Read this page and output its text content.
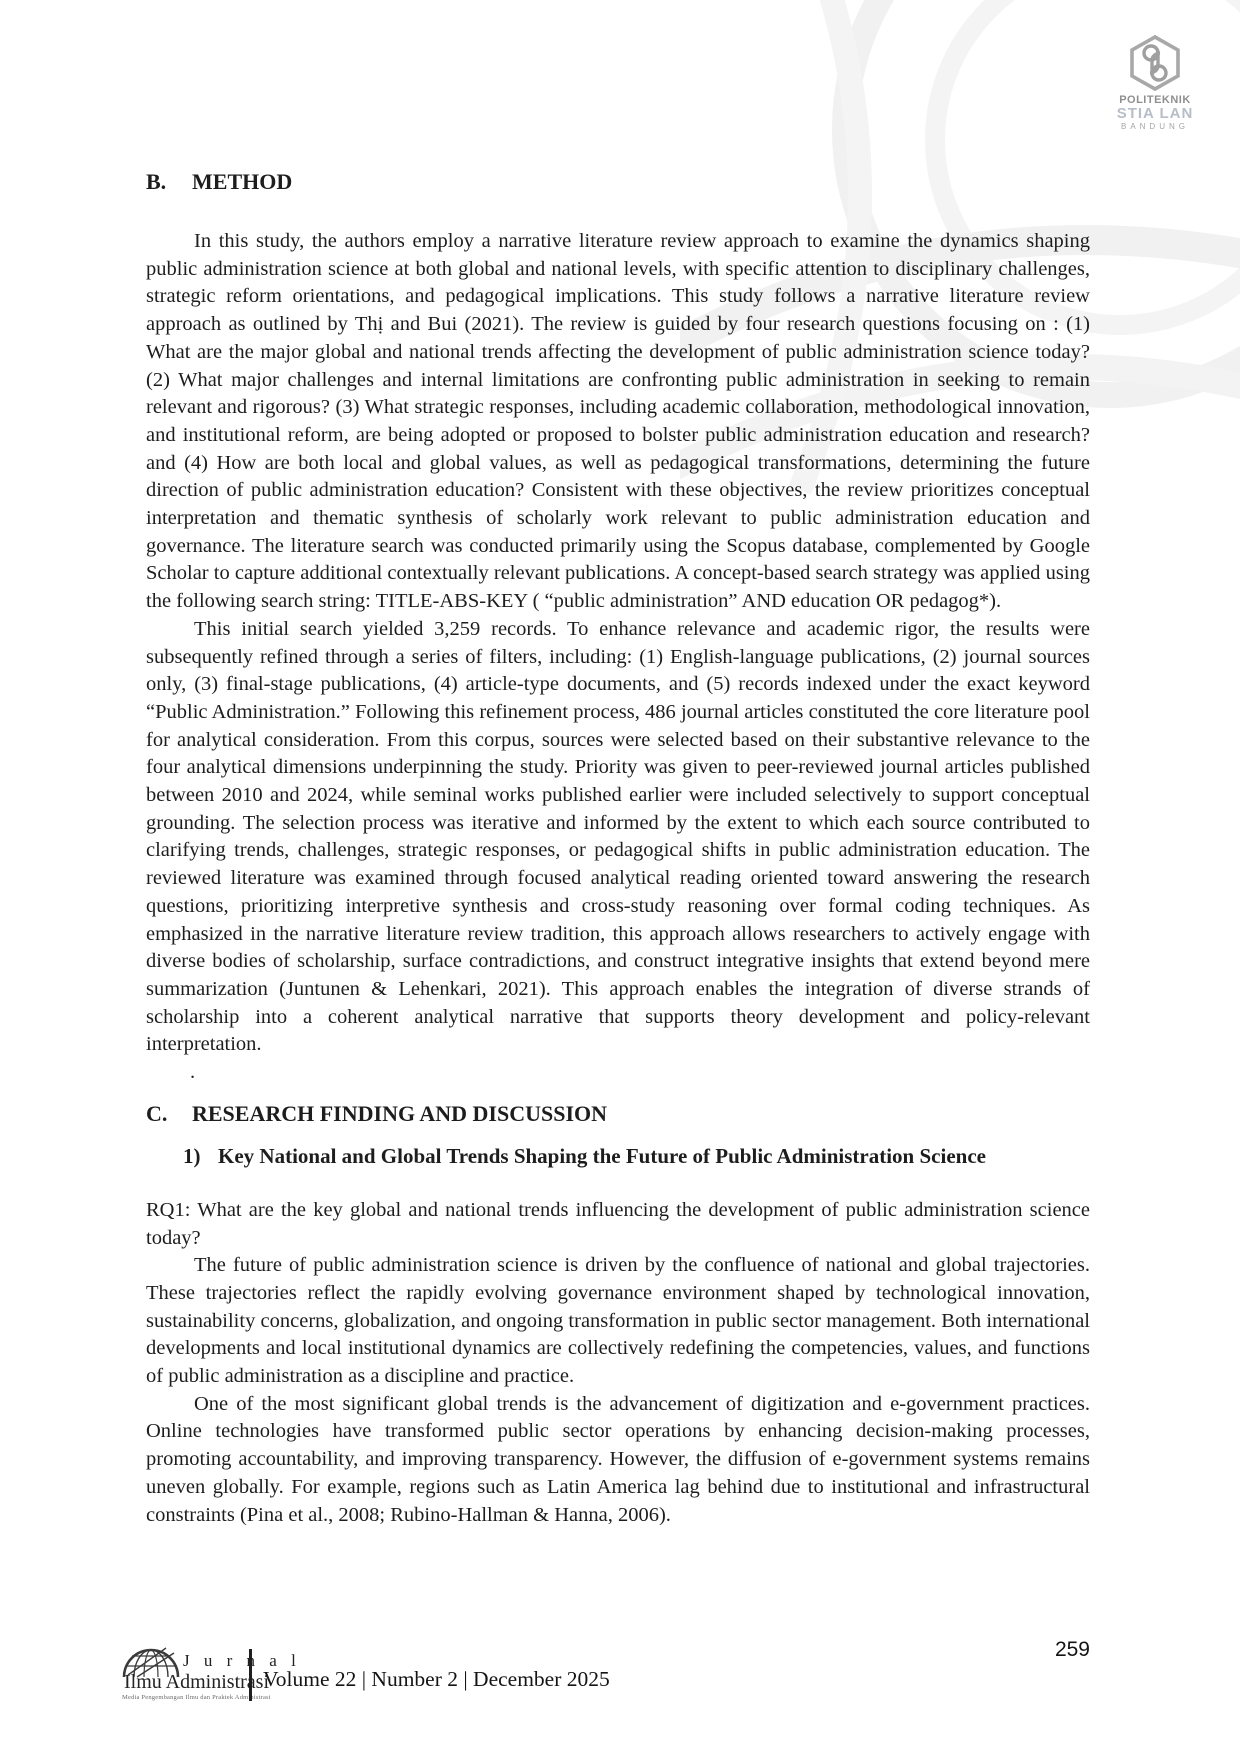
POLITEKNIK
STIA LAN
BANDUNG
B.	METHOD

In this study, the authors employ a narrative literature review approach to examine the dynamics shaping public administration science at both global and national levels, with specific attention to disciplinary challenges, strategic reform orientations, and pedagogical implications. This study follows a narrative literature review approach as outlined by Thị and Bui (2021). The review is guided by four research questions focusing on : (1) What are the major global and national trends affecting the development of public administration science today? (2) What major challenges and internal limitations are confronting public administration in seeking to remain relevant and rigorous? (3) What strategic responses, including academic collaboration, methodological innovation, and institutional reform, are being adopted or proposed to bolster public administration education and research? and (4) How are both local and global values, as well as pedagogical transformations, determining the future direction of public administration education? Consistent with these objectives, the review prioritizes conceptual interpretation and thematic synthesis of scholarly work relevant to public administration education and governance. The literature search was conducted primarily using the Scopus database, complemented by Google Scholar to capture additional contextually relevant publications. A concept-based search strategy was applied using the following search string: TITLE-ABS-KEY ( “public administration” AND education OR pedagog*).

This initial search yielded 3,259 records. To enhance relevance and academic rigor, the results were subsequently refined through a series of filters, including: (1) English-language publications, (2) journal sources only, (3) final-stage publications, (4) article-type documents, and (5) records indexed under the exact keyword “Public Administration.” Following this refinement process, 486 journal articles constituted the core literature pool for analytical consideration. From this corpus, sources were selected based on their substantive relevance to the four analytical dimensions underpinning the study. Priority was given to peer-reviewed journal articles published between 2010 and 2024, while seminal works published earlier were included selectively to support conceptual grounding. The selection process was iterative and informed by the extent to which each source contributed to clarifying trends, challenges, strategic responses, or pedagogical shifts in public administration education. The reviewed literature was examined through focused analytical reading oriented toward answering the research questions, prioritizing interpretive synthesis and cross-study reasoning over formal coding techniques. As emphasized in the narrative literature review tradition, this approach allows researchers to actively engage with diverse bodies of scholarship, surface contradictions, and construct integrative insights that extend beyond mere summarization (Juntunen & Lehenkari, 2021). This approach enables the integration of diverse strands of scholarship into a coherent analytical narrative that supports theory development and policy-relevant interpretation.

.

C.	RESEARCH FINDING AND DISCUSSION
1) Key National and Global Trends Shaping the Future of Public Administration Science

RQ1: What are the key global and national trends influencing the development of public administration science today?

The future of public administration science is driven by the confluence of national and global trajectories. These trajectories reflect the rapidly evolving governance environment shaped by technological innovation, sustainability concerns, globalization, and ongoing transformation in public sector management. Both international developments and local institutional dynamics are collectively redefining the competencies, values, and functions of public administration as a discipline and practice.

One of the most significant global trends is the advancement of digitization and e-government practices. Online technologies have transformed public sector operations by enhancing decision-making processes, promoting accountability, and improving transparency. However, the diffusion of e-government systems remains uneven globally. For example, regions such as Latin America lag behind due to institutional and infrastructural constraints (Pina et al., 2008; Rubino-Hallman & Hanna, 2006).

J u r n a l
Ilmu Administrasi
Media Pengembangan Ilmu dan Praktek Administrasi
Volume 22 | Number 2 | December 2025
259
